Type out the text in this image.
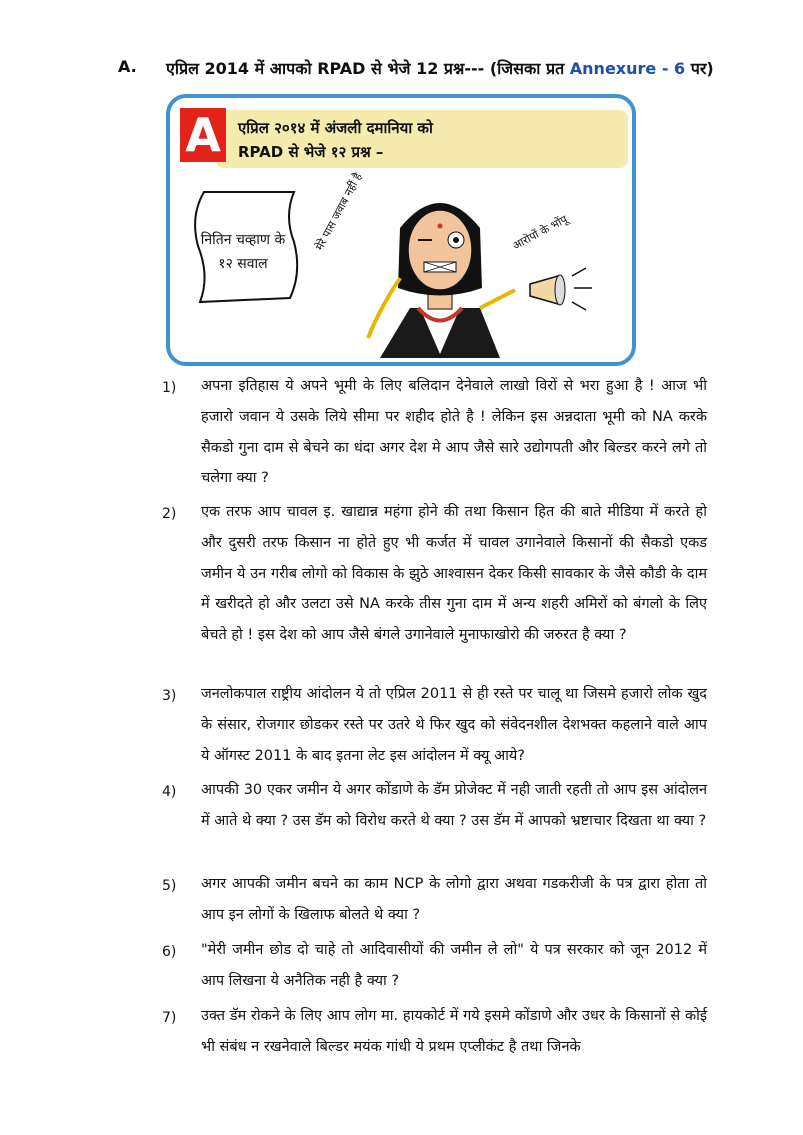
A. एप्रिल 2014 में आपको RPAD से भेजे 12 प्रश्न--- (जिसका प्रत Annexure - 6 पर)
एप्रिल २०१४ में अंजली दमानिया को
RPAD से भेजे १२ प्रश्न –
A
नितिन चव्हाण के १२ सवाल
मेरे पास जवाब नहीं है	आरोपों के भोंपू
1) अपना इतिहास ये अपने भूमी के लिए बलिदान देनेवाले लाखो विरों से भरा हुआ है ! आज भी हजारो जवान ये उसके लिये सीमा पर शहीद होते है ! लेकिन इस अन्नदाता भूमी को NA करके सैकडो गुना दाम से बेचने का धंदा अगर देश मे आप जैसे सारे उद्योगपती और बिल्डर करने लगे तो चलेगा क्या ?
2) एक तरफ आप चावल इ. खाद्यान्न महंगा होने की तथा किसान हित की बाते मीडिया में करते हो और दुसरी तरफ किसान ना होते हुए भी कर्जत में चावल उगानेवाले किसानों की सैकडो एकड जमीन ये उन गरीब लोगो को विकास के झुठे आश्वासन देकर किसी सावकार के जैसे कौडी के दाम में खरीदते हो और उलटा उसे NA करके तीस गुना दाम में अन्य शहरी अमिरों को बंगलो के लिए बेचते हो ! इस देश को आप जैसे बंगले उगानेवाले मुनाफाखोरो की जरुरत है क्या ?
3) जनलोकपाल राष्ट्रीय आंदोलन ये तो एप्रिल 2011 से ही रस्ते पर चालू था जिसमे हजारो लोक खुद के संसार, रोजगार छोडकर रस्ते पर उतरे थे फिर खुद को संवेदनशील देशभक्त कहलाने वाले आप ये ऑगस्ट 2011 के बाद इतना लेट इस आंदोलन में क्यू आये?
4) आपकी 30 एकर जमीन ये अगर कोंडाणे के डॅम प्रोजेक्ट में नही जाती रहती तो आप इस आंदोलन में आते थे क्या ? उस डॅम को विरोध करते थे क्या ? उस डॅम में आपको भ्रष्टाचार दिखता था क्या ?
5) अगर आपकी जमीन बचने का काम NCP के लोगो द्वारा अथवा गडकरीजी के पत्र द्वारा होता तो आप इन लोगों के खिलाफ बोलते थे क्या ?
6) "मेरी जमीन छोड दो चाहे तो आदिवासीयों की जमीन ले लो" ये पत्र सरकार को जून 2012 में आप लिखना ये अनैतिक नही है क्या ?
7) उक्त डॅम रोकने के लिए आप लोग मा. हायकोर्ट में गये इसमे कोंडाणे और उधर के किसानों से कोई भी संबंध न रखनेवाले बिल्डर मयंक गांधी ये प्रथम एप्लीकंट है तथा जिनके
